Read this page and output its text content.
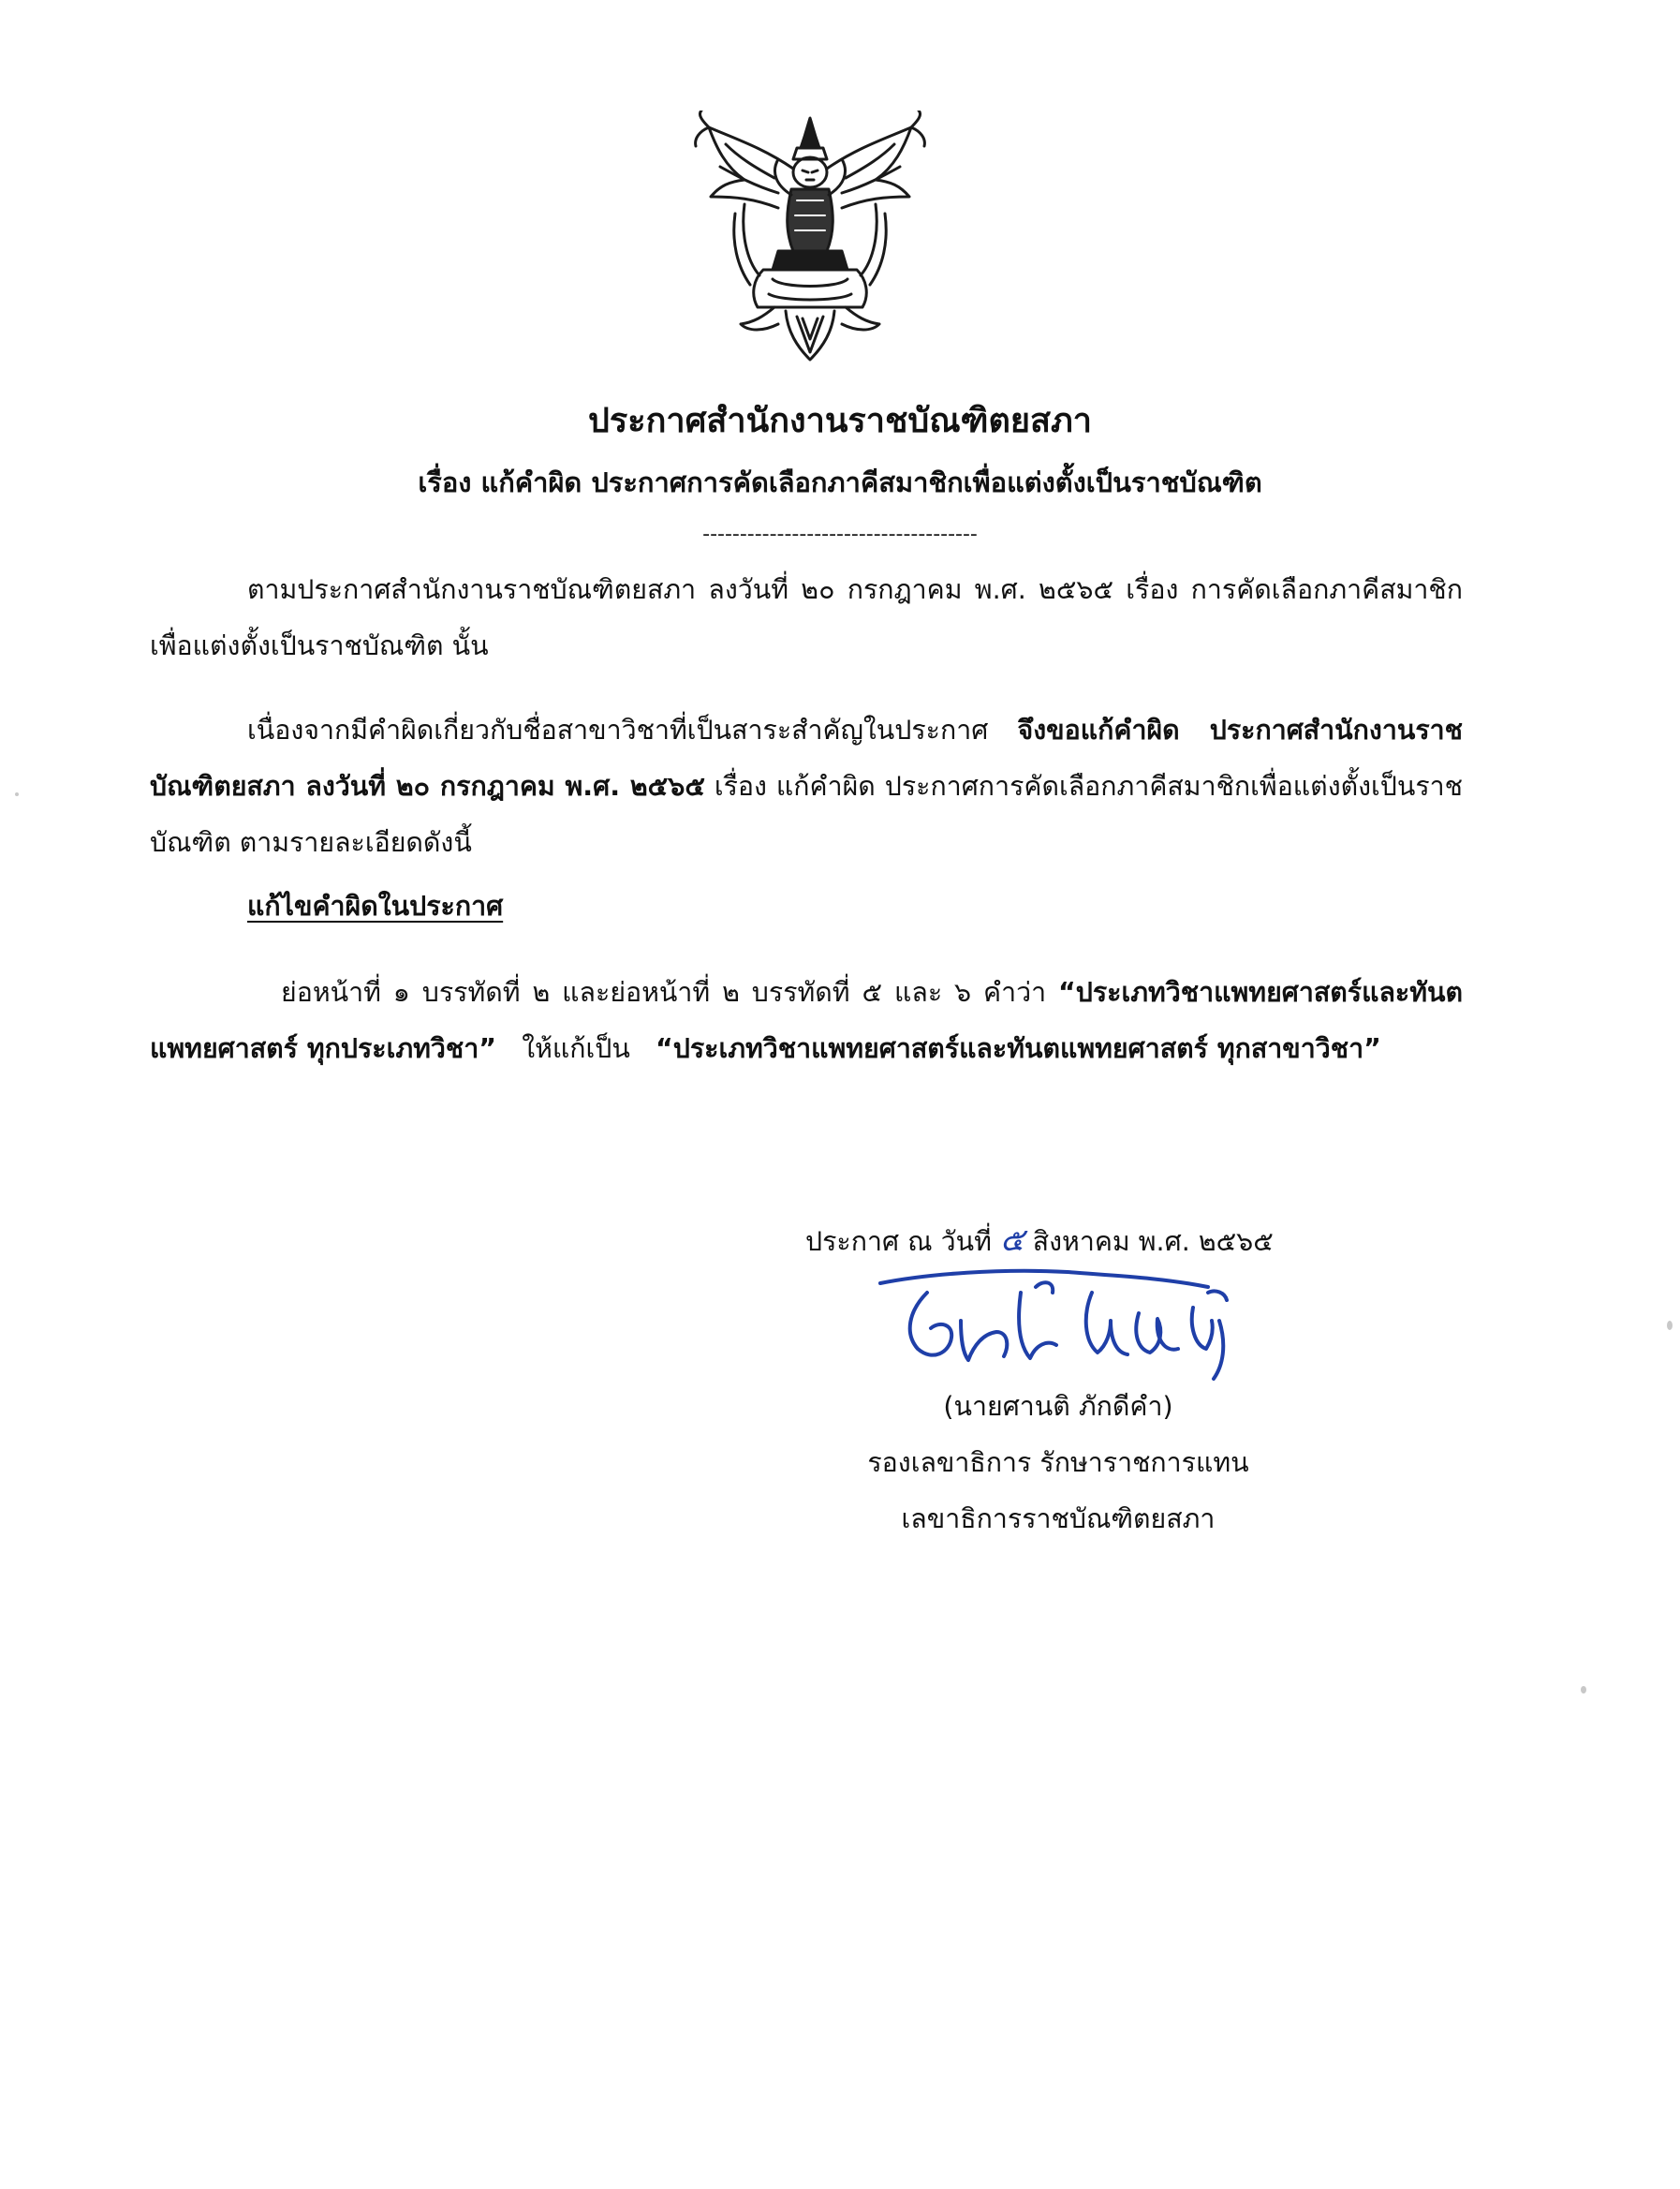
ประกาศสำนักงานราชบัณฑิตยสภา
เรื่อง แก้คำผิด ประกาศการคัดเลือกภาคีสมาชิกเพื่อแต่งตั้งเป็นราชบัณฑิต
-------------------------------------
ตามประกาศสำนักงานราชบัณฑิตยสภา ลงวันที่ ๒๐ กรกฎาคม พ.ศ. ๒๕๖๕ เรื่อง การคัดเลือกภาคีสมาชิกเพื่อแต่งตั้งเป็นราชบัณฑิต นั้น
เนื่องจากมีคำผิดเกี่ยวกับชื่อสาขาวิชาที่เป็นสาระสำคัญในประกาศ จึงขอแก้คำผิด ประกาศสำนักงานราชบัณฑิตยสภา ลงวันที่ ๒๐ กรกฎาคม พ.ศ. ๒๕๖๕ เรื่อง แก้คำผิด ประกาศการคัดเลือกภาคีสมาชิกเพื่อแต่งตั้งเป็นราชบัณฑิต ตามรายละเอียดดังนี้
แก้ไขคำผิดในประกาศ
ย่อหน้าที่ ๑ บรรทัดที่ ๒ และย่อหน้าที่ ๒ บรรทัดที่ ๕ และ ๖ คำว่า “ประเภทวิชาแพทยศาสตร์และทันตแพทยศาสตร์ ทุกประเภทวิชา”   ให้แก้เป็น   “ประเภทวิชาแพทยศาสตร์และทันตแพทยศาสตร์ ทุกสาขาวิชา”
ประกาศ ณ วันที่ ๕ สิงหาคม พ.ศ. ๒๕๖๕
(นายศานติ ภักดีคำ)
รองเลขาธิการ รักษาราชการแทน
เลขาธิการราชบัณฑิตยสภา
